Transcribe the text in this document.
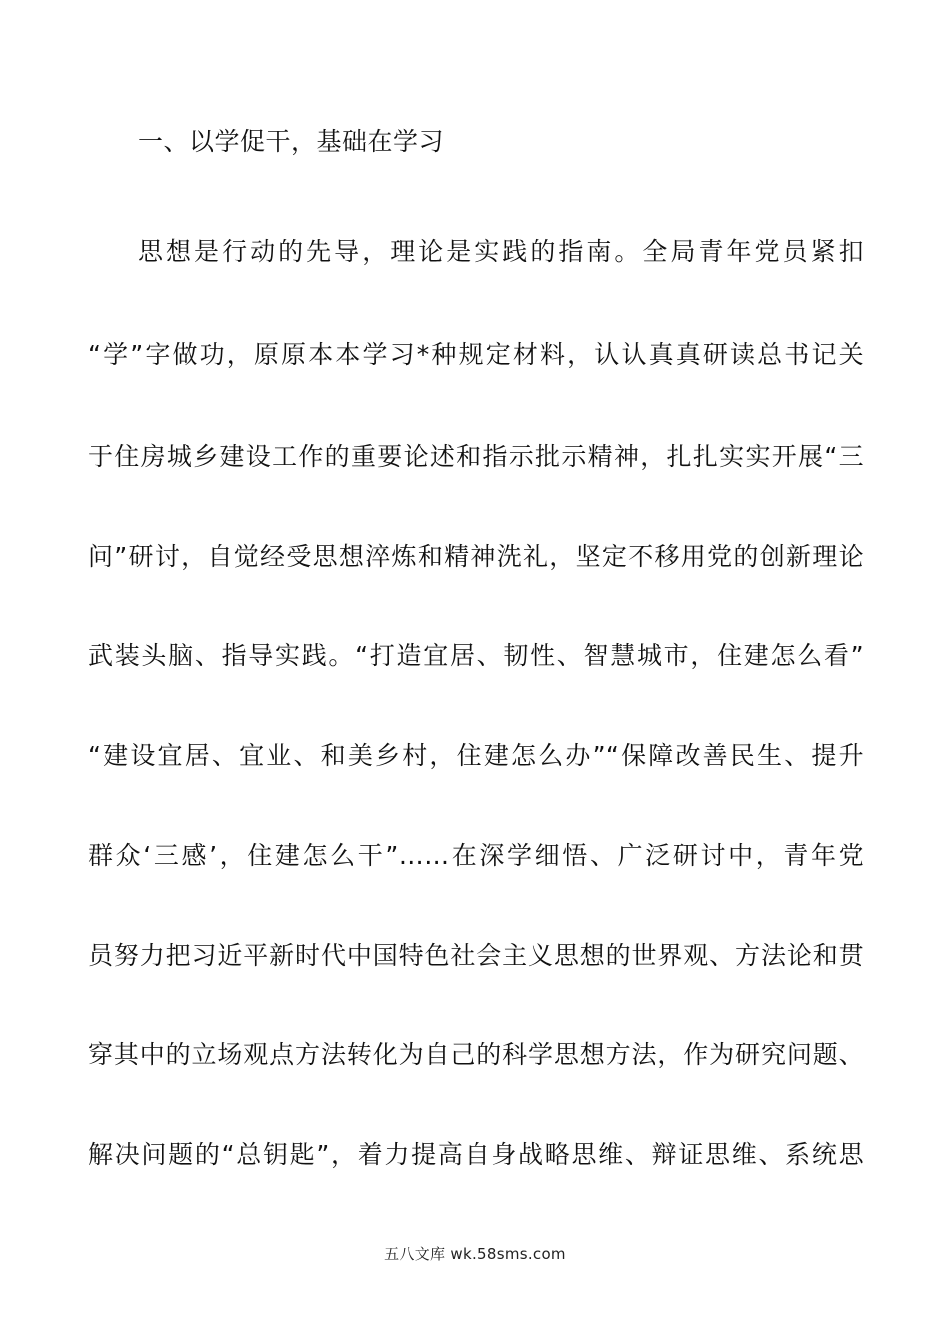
一、以学促干，基础在学习
思想是行动的先导，理论是实践的指南。全局青年党员紧扣
“学”字做功，原原本本学习*种规定材料，认认真真研读总书记关
于住房城乡建设工作的重要论述和指示批示精神，扎扎实实开展“三
问”研讨，自觉经受思想淬炼和精神洗礼，坚定不移用党的创新理论
武装头脑、指导实践。“打造宜居、韧性、智慧城市，住建怎么看”
“建设宜居、宜业、和美乡村，住建怎么办”“保障改善民生、提升
群众‘三感’，住建怎么干”……在深学细悟、广泛研讨中，青年党
员努力把习近平新时代中国特色社会主义思想的世界观、方法论和贯
穿其中的立场观点方法转化为自己的科学思想方法，作为研究问题、
解决问题的“总钥匙”，着力提高自身战略思维、辩证思维、系统思
五八文库 wk.58sms.com
